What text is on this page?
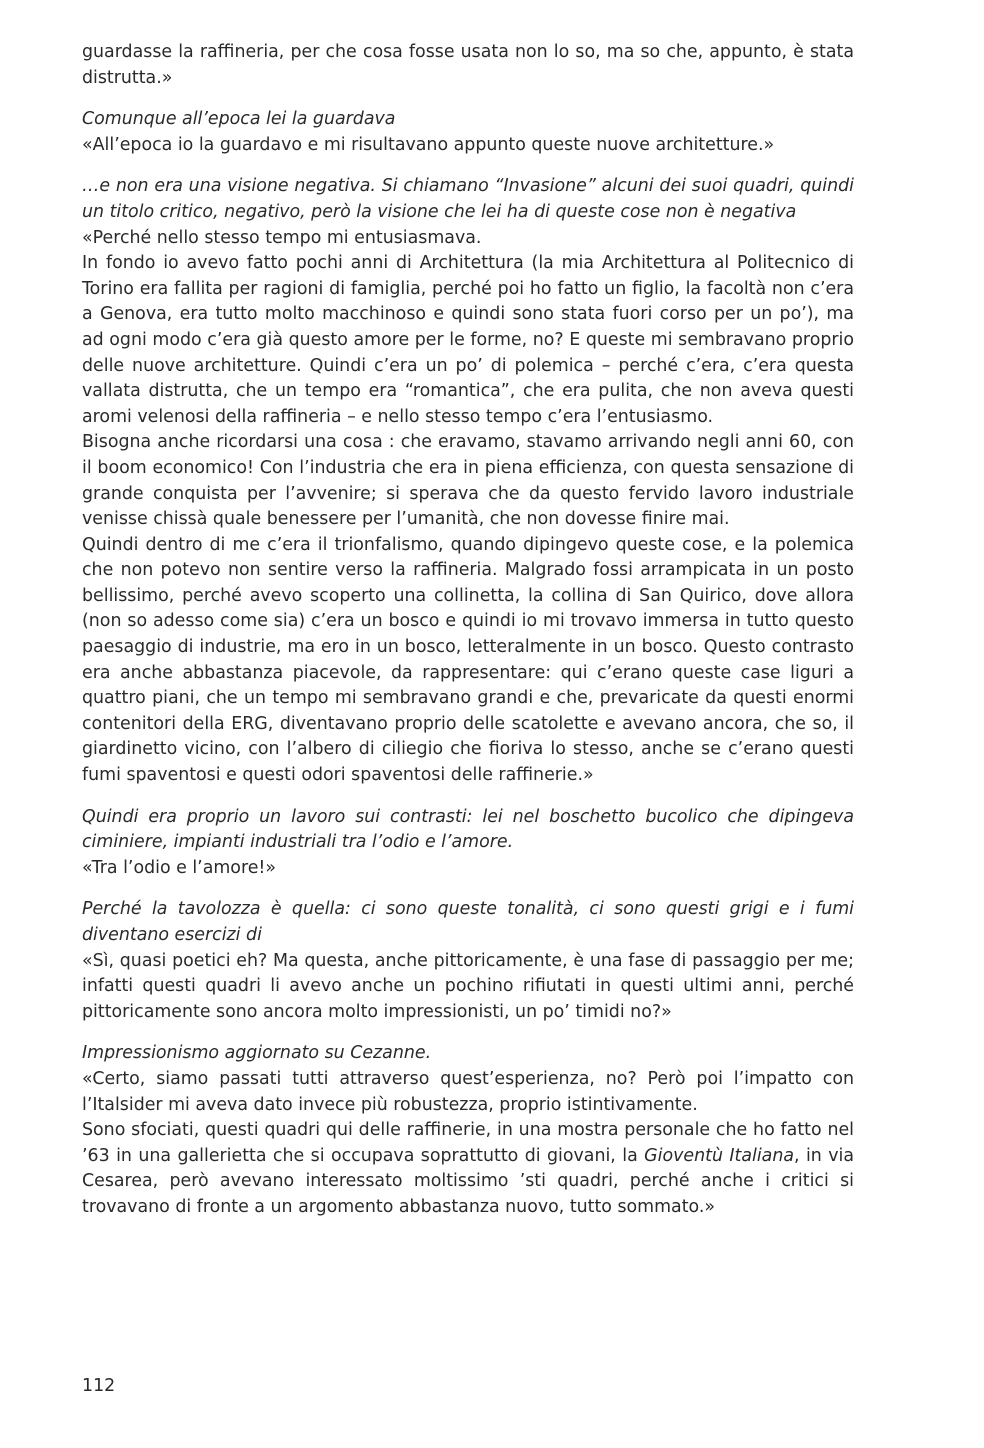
guardasse la raffineria, per che cosa fosse usata non lo so, ma so che, appunto, è stata distrutta.»

Comunque all’epoca lei la guardava

«All’epoca io la guardavo e mi risultavano appunto queste nuove architetture.»

…e non era una visione negativa. Si chiamano “Invasione” alcuni dei suoi quadri, quindi un titolo critico, negativo, però la visione che lei ha di queste cose non è negativa

«Perché nello stesso tempo mi entusiasmava.

In fondo io avevo fatto pochi anni di Architettura (la mia Architettura al Politecnico di Torino era fallita per ragioni di famiglia, perché poi ho fatto un figlio, la facoltà non c’era a Genova, era tutto molto macchinoso e quindi sono stata fuori corso per un po’), ma ad ogni modo c’era già questo amore per le forme, no? E queste mi sembravano proprio delle nuove architetture. Quindi c’era un po’ di polemica – perché c’era, c’era questa vallata distrutta, che un tempo era “romantica”, che era pulita, che non aveva questi aromi velenosi della raffineria – e nello stesso tempo c’era l’entusiasmo.

Bisogna anche ricordarsi una cosa : che eravamo, stavamo arrivando negli anni 60, con il boom economico! Con l’industria che era in piena efficienza, con questa sensazione di grande conquista per l’avvenire; si sperava che da questo fervido lavoro industriale venisse chissà quale benessere per l’umanità, che non dovesse finire mai.

Quindi dentro di me c’era il trionfalismo, quando dipingevo queste cose, e la polemica che non potevo non sentire verso la raffineria. Malgrado fossi arrampicata in un posto bellissimo, perché avevo scoperto una collinetta, la collina di San Quirico, dove allora (non so adesso come sia) c’era un bosco e quindi io mi trovavo immersa in tutto questo paesaggio di industrie, ma ero in un bosco, letteralmente in un bosco. Questo contrasto era anche abbastanza piacevole, da rappresentare: qui c’erano queste case liguri a quattro piani, che un tempo mi sembravano grandi e che, prevaricate da questi enormi contenitori della ERG, diventavano proprio delle scatolette e avevano ancora, che so, il giardinetto vicino, con l’albero di ciliegio che fioriva lo stesso, anche se c’erano questi fumi spaventosi e questi odori spaventosi delle raffinerie.»

Quindi era proprio un lavoro sui contrasti: lei nel boschetto bucolico che dipingeva ciminiere, impianti industriali tra l’odio e l’amore.

«Tra l’odio e l’amore!»

Perché la tavolozza è quella: ci sono queste tonalità, ci sono questi grigi e i fumi diventano esercizi di

«Sì, quasi poetici eh? Ma questa, anche pittoricamente, è una fase di passaggio per me; infatti questi quadri li avevo anche un pochino rifiutati in questi ultimi anni, perché pittoricamente sono ancora molto impressionisti, un po’ timidi no?»

Impressionismo aggiornato su Cezanne.

«Certo, siamo passati tutti attraverso quest’esperienza, no? Però poi l’impatto con l’Italsider mi aveva dato invece più robustezza, proprio istintivamente.

Sono sfociati, questi quadri qui delle raffinerie, in una mostra personale che ho fatto nel ’63 in una gallerietta che si occupava soprattutto di giovani, la Gioventù Italiana, in via Cesarea, però avevano interessato moltissimo ’sti quadri, perché anche i critici si trovavano di fronte a un argomento abbastanza nuovo, tutto sommato.»

112
